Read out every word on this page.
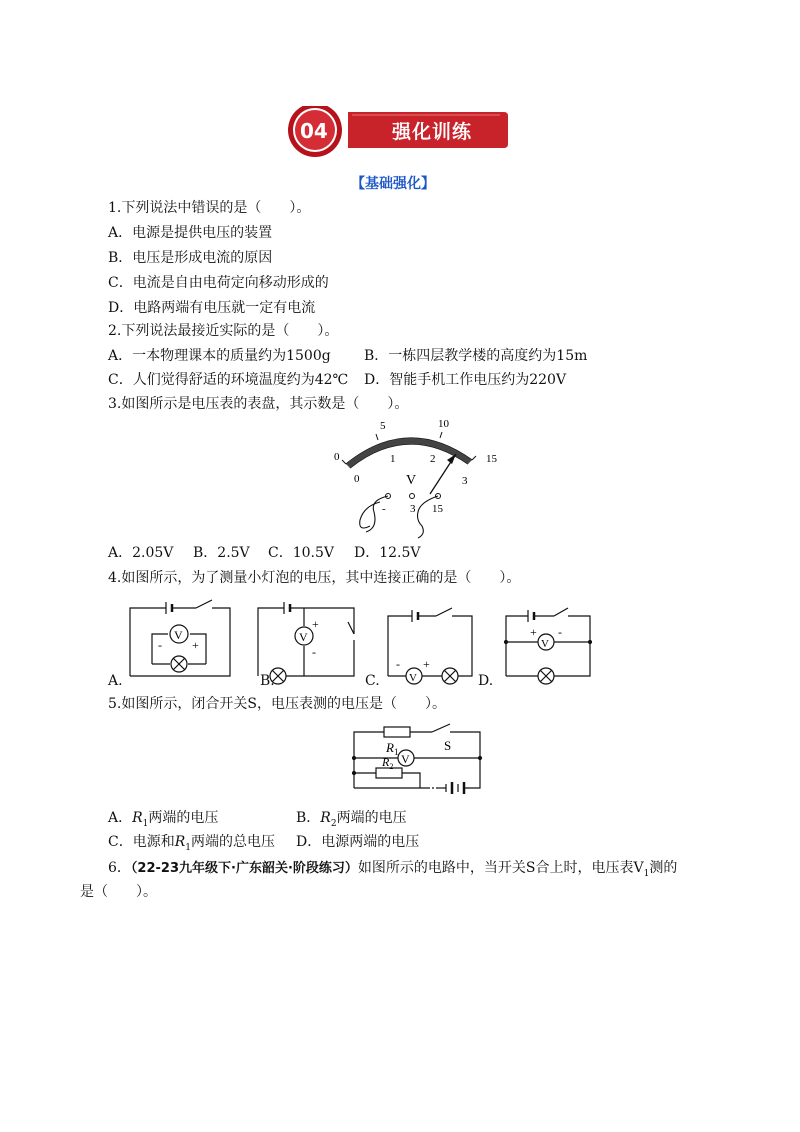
04	强化训练
【基础强化】
1.下列说法中错误的是（　　）。
A．电源是提供电压的装置
B．电压是形成电流的原因
C．电流是自由电荷定向移动形成的
D．电路两端有电压就一定有电流
2.下列说法最接近实际的是（　　）。
A．一本物理课本的质量约为1500g B．一栋四层教学楼的高度约为15m
C．人们觉得舒适的环境温度约为42℃ D．智能手机工作电压约为220V
3.如图所示是电压表的表盘，其示数是（　　）。
0
5	10
15
0
1	2
3
V
- 3 15
A．2.05V B．2.5V C．10.5V D．12.5V
4.如图所示，为了测量小灯泡的电压，其中连接正确的是（　　）。
V
-	+
A.
V
+
-
B.	V
- +
C.
V
+ -
D.
5.如图所示，闭合开关S，电压表测的电压是（　　）。
$R_1$	S
V
$R_2$
A．$R_1$两端的电压	B．$R_2$两端的电压
C．电源和$R_1$两端的总电压 D．电源两端的电压
6．（22-23九年级下·广东韶关·阶段练习）如图所示的电路中，当开关S合上时，电压表$V_1$测的
是（　　）。
